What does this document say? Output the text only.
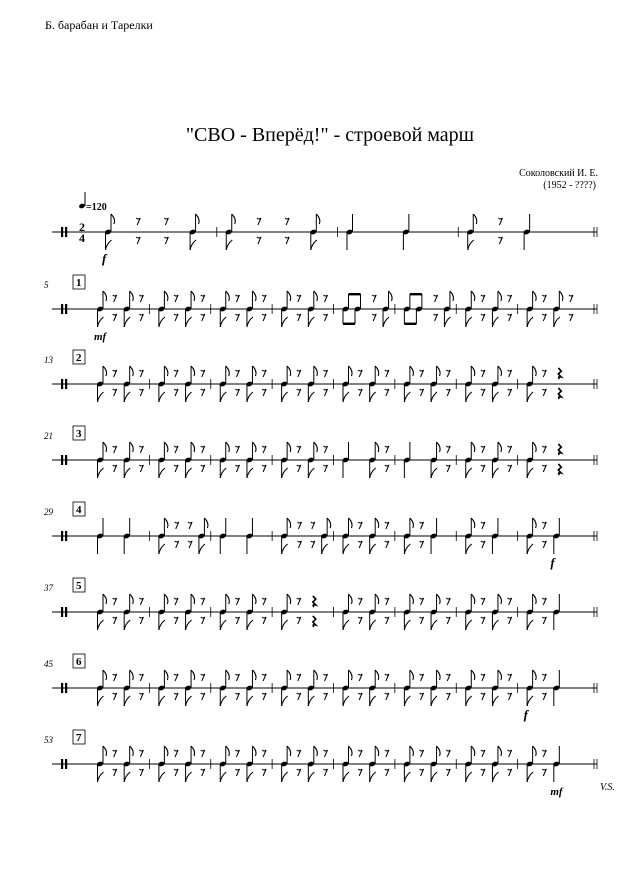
Б. барабан и Тарелки
"СВО - Вперёд!" - строевой марш
Соколовский И. Е.

(1952 - ????)
V.S.
2
4
=120
f
5	1
mf
13 2
21 3
29 4
f
37 5
45 6
f
53 7
mf
